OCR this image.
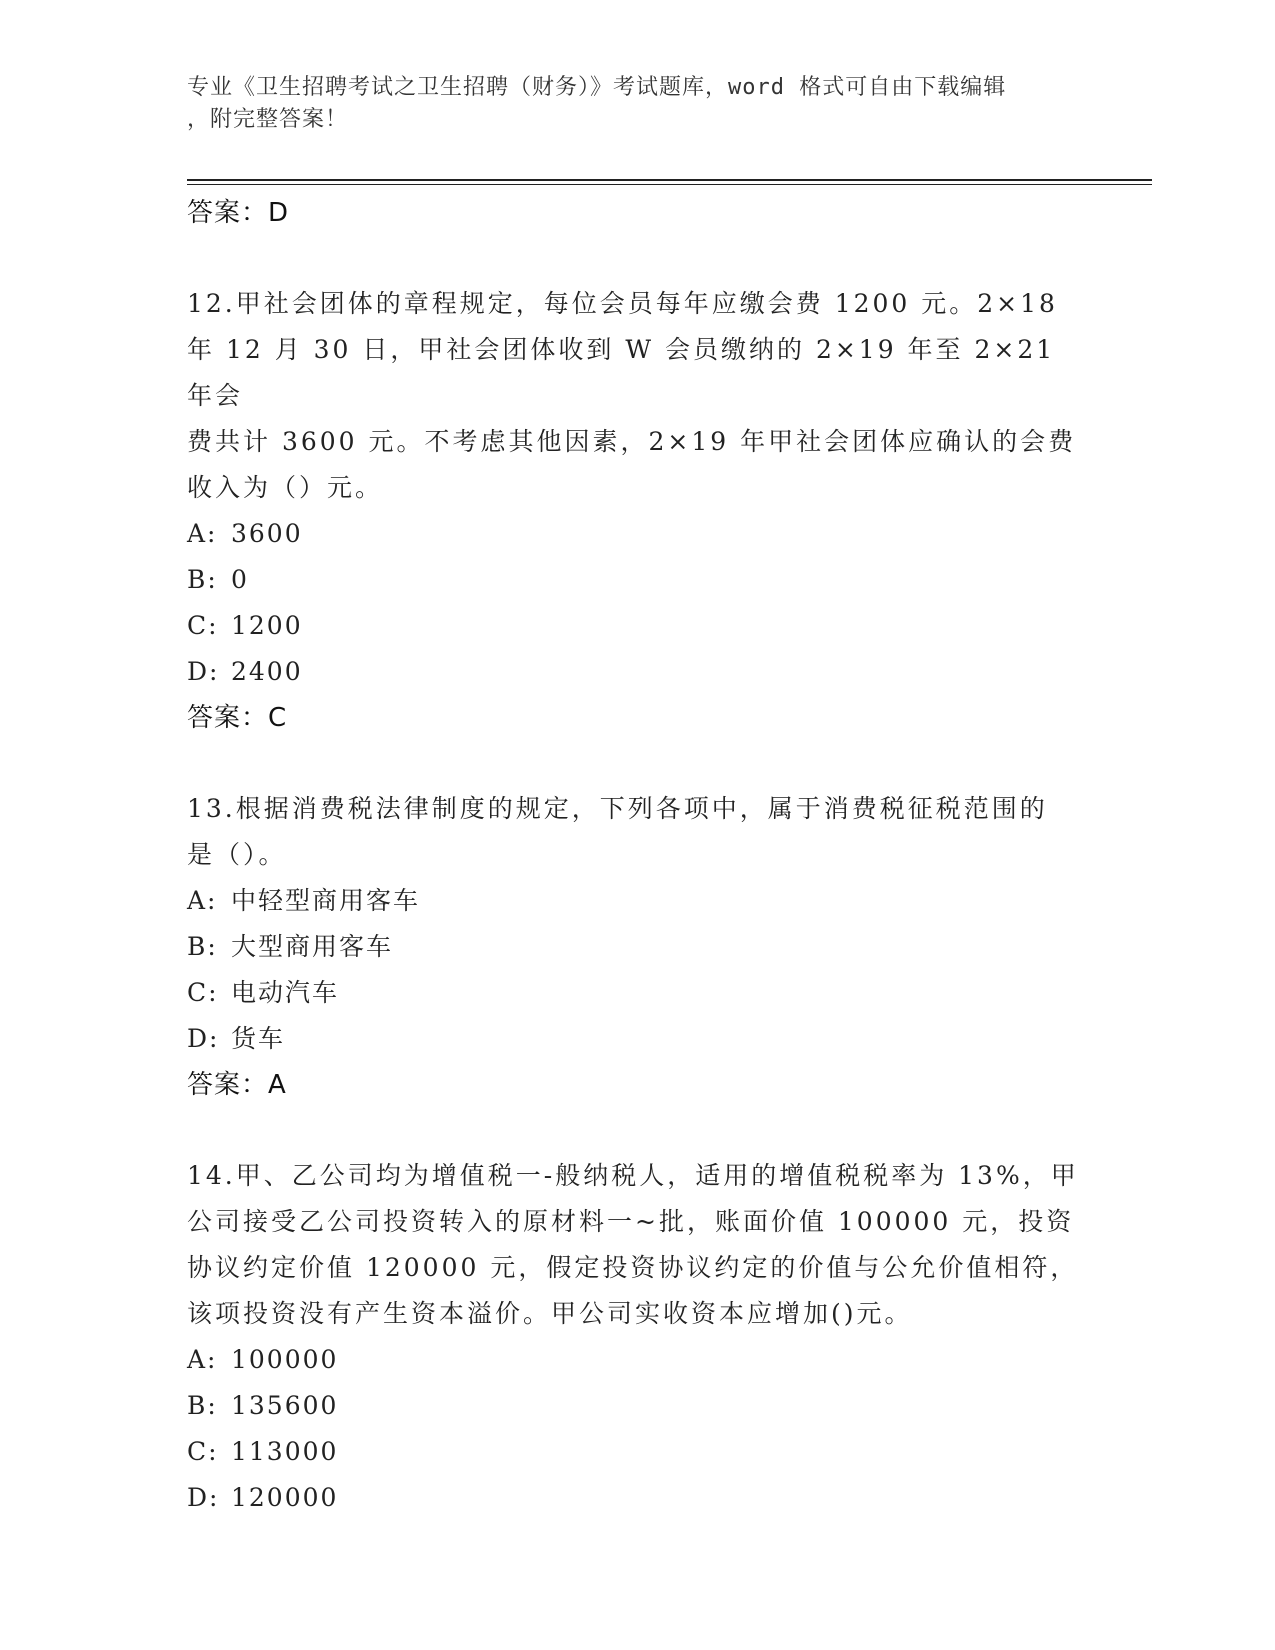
专业《卫生招聘考试之卫生招聘（财务）》考试题库，word 格式可自由下载编辑
，附完整答案！
答案：D
12.甲社会团体的章程规定，每位会员每年应缴会费 1200 元。2×18
年 12 月 30 日，甲社会团体收到 W 会员缴纳的 2×19 年至 2×21 年会
费共计 3600 元。不考虑其他因素，2×19 年甲社会团体应确认的会费
收入为（）元。
A: 3600
B: 0
C: 1200
D: 2400
答案：C
13.根据消费税法律制度的规定，下列各项中，属于消费税征税范围的
是（）。
A: 中轻型商用客车
B: 大型商用客车
C: 电动汽车
D: 货车
答案：A
14.甲、乙公司均为增值税一-般纳税人，适用的增值税税率为 13%，甲
公司接受乙公司投资转入的原材料一~批，账面价值 100000 元，投资
协议约定价值 120000 元，假定投资协议约定的价值与公允价值相符，
该项投资没有产生资本溢价。甲公司实收资本应增加()元。
A: 100000
B: 135600
C: 113000
D: 120000
